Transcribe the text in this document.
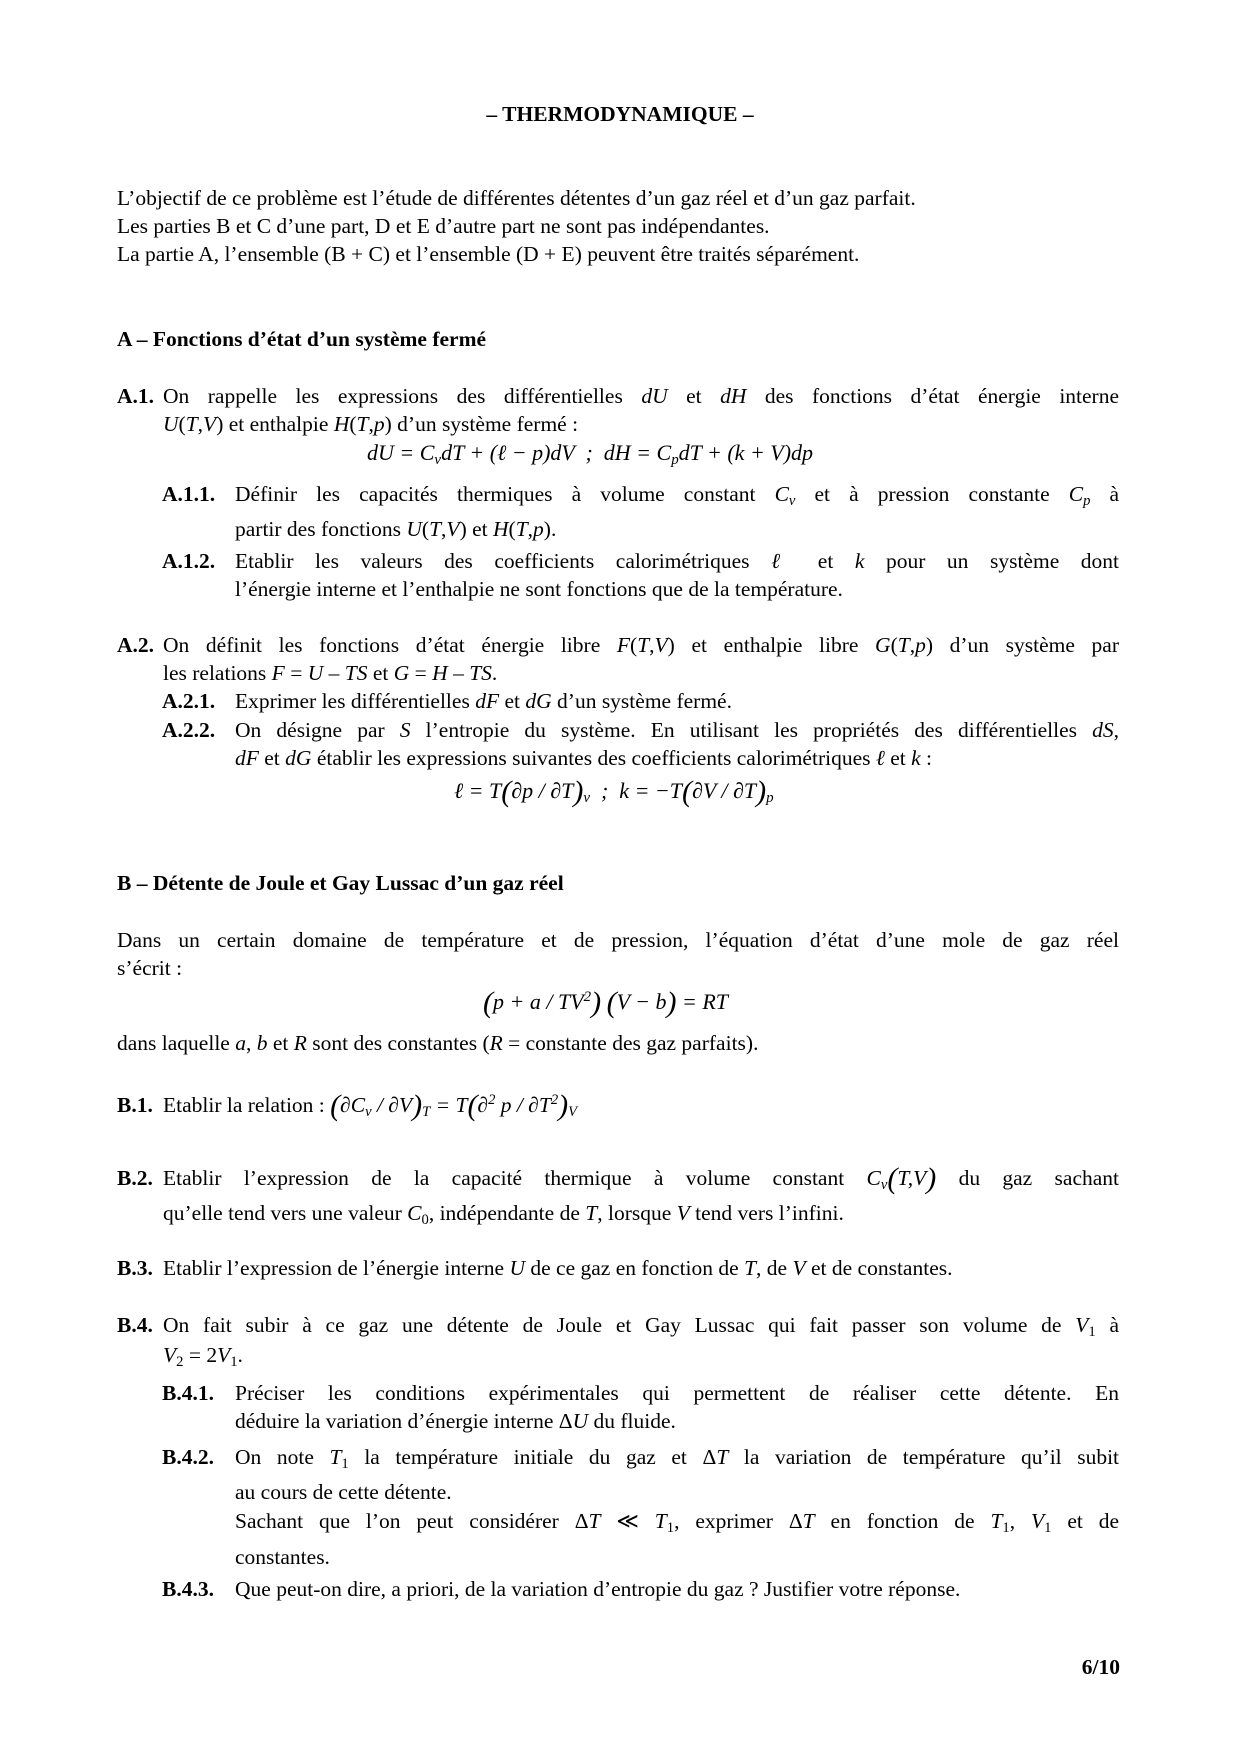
– THERMODYNAMIQUE –
L’objectif de ce problème est l’étude de différentes détentes d’un gaz réel et d’un gaz parfait.
Les parties B et C d’une part, D et E d’autre part ne sont pas indépendantes.
La partie A, l’ensemble (B + C) et l’ensemble (D + E) peuvent être traités séparément.
A – Fonctions d’état d’un système fermé
A.1. On rappelle les expressions des différentielles dU et dH des fonctions d’état énergie interne
U(T,V) et enthalpie H(T,p) d’un système fermé :
dU = $C_vdT$ + (ℓ − p)dV  ;  dH = $C_pdT + (k + V)dp$
A.1.1. Définir les capacités thermiques à volume constant $C_v$ et à pression constante $C_p$ à
partir des fonctions U(T,V) et H(T,p).
A.1.2. Etablir les valeurs des coefficients calorimétriques ℓ et k pour un système dont
l’énergie interne et l’enthalpie ne sont fonctions que de la température.
A.2. On définit les fonctions d’état énergie libre F(T,V) et enthalpie libre G(T,p) d’un système par
les relations F = U – TS et G = H – TS.
A.2.1. Exprimer les différentielles dF et dG d’un système fermé.
A.2.2. On désigne par S l’entropie du système. En utilisant les propriétés des différentielles dS,
dF et dG établir les expressions suivantes des coefficients calorimétriques ℓ et k :
ℓ = $T(\partial p / \partial T)_v$  ;  $k = -T(\partial V / \partial T)_p$
B – Détente de Joule et Gay Lussac d’un gaz réel
Dans un certain domaine de température et de pression, l’équation d’état d’une mole de gaz réel
s’écrit :
$(p + a / TV^2)$ (V − b) = RT
dans laquelle a, b et R sont des constantes (R = constante des gaz parfaits).
B.1. Etablir la relation : $(\partial C_v / \partial V)_T = T(\partial^2$ p / $\partial T^2)_V$
B.2. Etablir l’expression de la capacité thermique à volume constant $C_v(T,V)$ du gaz sachant
qu’elle tend vers une valeur $C_0$, indépendante de T, lorsque V tend vers l’infini.
B.3. Etablir l’expression de l’énergie interne U de ce gaz en fonction de T, de V et de constantes.
B.4. On fait subir à ce gaz une détente de Joule et Gay Lussac qui fait passer son volume de $V_1$ à
$V_2 = 2V_1$.
B.4.1. Préciser les conditions expérimentales qui permettent de réaliser cette détente. En
déduire la variation d’énergie interne ΔU du fluide.
B.4.2. On note $T_1$ la température initiale du gaz et ΔT la variation de température qu’il subit
au cours de cette détente.
Sachant que l’on peut considérer ΔT ≪ $T_1$, exprimer ΔT en fonction de $T_1$, $V_1$ et de
constantes.
B.4.3. Que peut-on dire, a priori, de la variation d’entropie du gaz ? Justifier votre réponse.
6/10
